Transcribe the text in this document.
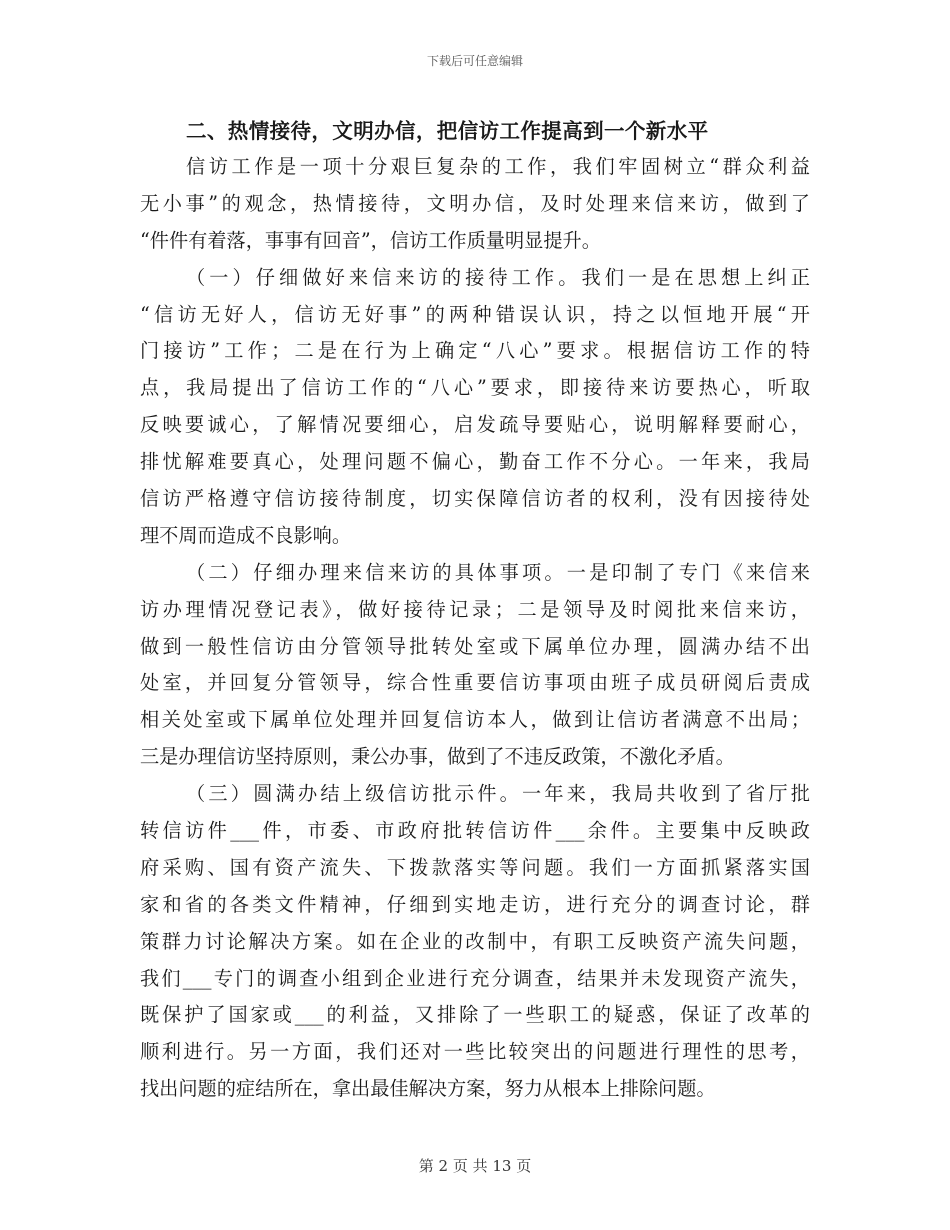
下载后可任意编辑
二、热情接待，文明办信，把信访工作提高到一个新水平
信访工作是一项十分艰巨复杂的工作，我们牢固树立“群众利益
无小事”的观念，热情接待，文明办信，及时处理来信来访，做到了
“件件有着落，事事有回音”，信访工作质量明显提升。
（一）仔细做好来信来访的接待工作。我们一是在思想上纠正
“信访无好人，信访无好事”的两种错误认识，持之以恒地开展“开
门接访”工作；二是在行为上确定“八心”要求。根据信访工作的特
点，我局提出了信访工作的“八心”要求，即接待来访要热心，听取
反映要诚心，了解情况要细心，启发疏导要贴心，说明解释要耐心，
排忧解难要真心，处理问题不偏心，勤奋工作不分心。一年来，我局
信访严格遵守信访接待制度，切实保障信访者的权利，没有因接待处
理不周而造成不良影响。
（二）仔细办理来信来访的具体事项。一是印制了专门《来信来
访办理情况登记表》，做好接待记录；二是领导及时阅批来信来访，
做到一般性信访由分管领导批转处室或下属单位办理，圆满办结不出
处室，并回复分管领导，综合性重要信访事项由班子成员研阅后责成
相关处室或下属单位处理并回复信访本人，做到让信访者满意不出局；
三是办理信访坚持原则，秉公办事，做到了不违反政策，不激化矛盾。
（三）圆满办结上级信访批示件。一年来，我局共收到了省厅批
转信访件___件，市委、市政府批转信访件___余件。主要集中反映政
府采购、国有资产流失、下拨款落实等问题。我们一方面抓紧落实国
家和省的各类文件精神，仔细到实地走访，进行充分的调查讨论，群
策群力讨论解决方案。如在企业的改制中，有职工反映资产流失问题，
我们___专门的调查小组到企业进行充分调查，结果并未发现资产流失，
既保护了国家或___的利益，又排除了一些职工的疑惑，保证了改革的
顺利进行。另一方面，我们还对一些比较突出的问题进行理性的思考，
找出问题的症结所在，拿出最佳解决方案，努力从根本上排除问题。
第 2 页 共 13 页
